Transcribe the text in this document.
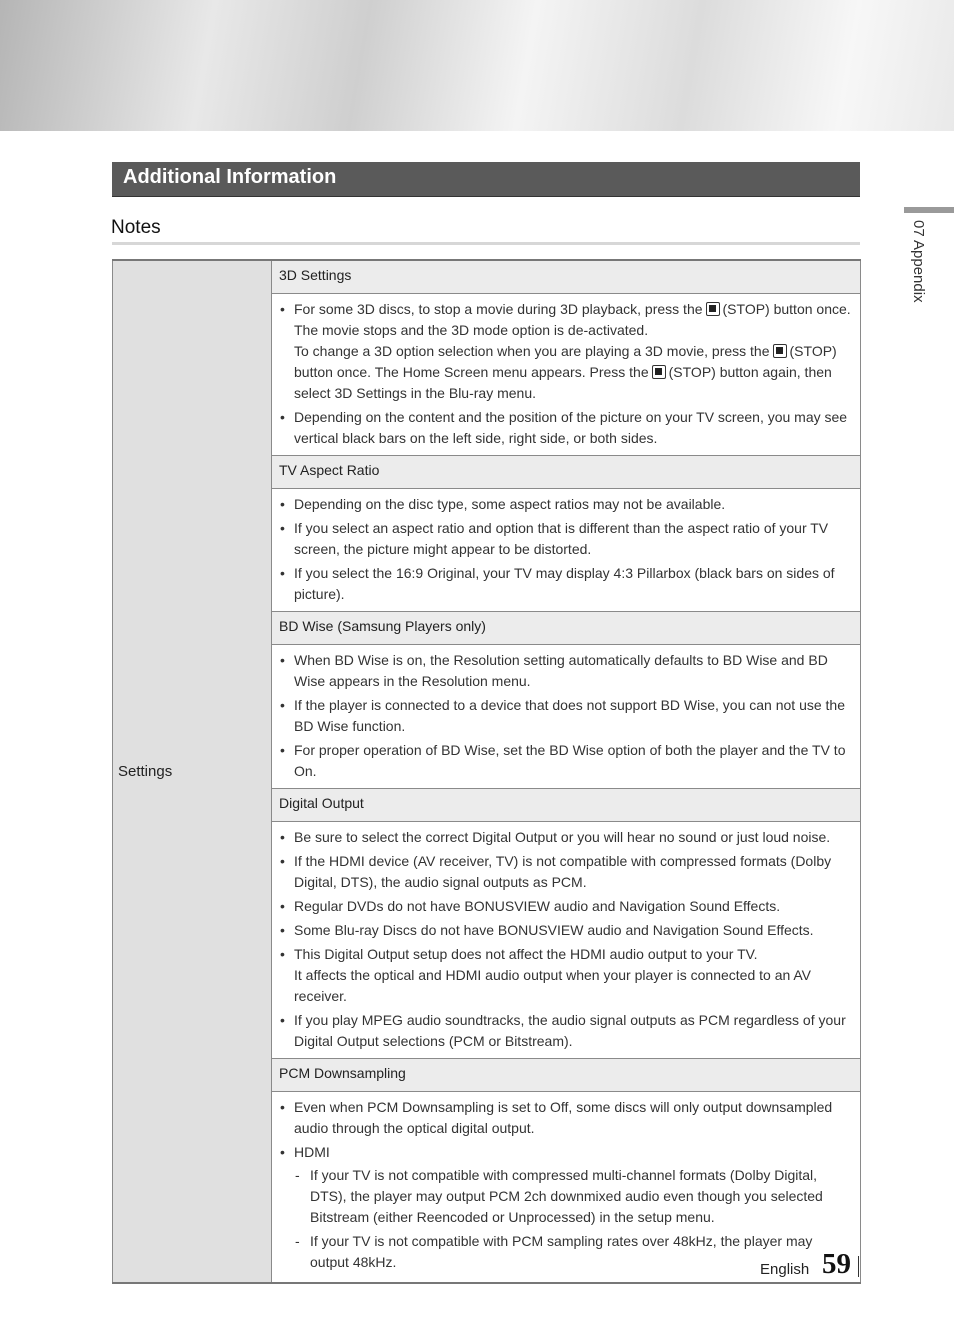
Additional Information
Notes	07 Appendix
Settings	3D Settings

• For some 3D discs, to stop a movie during 3D playback, press the (STOP) button once. The movie stops and the 3D mode option is de-activated.
To change a 3D option selection when you are playing a 3D movie, press the (STOP) button once. The Home Screen menu appears. Press the (STOP) button again, then select 3D Settings in the Blu-ray menu.
• Depending on the content and the position of the picture on your TV screen, you may see vertical black bars on the left side, right side, or both sides.

TV Aspect Ratio

• Depending on the disc type, some aspect ratios may not be available.
• If you select an aspect ratio and option that is different than the aspect ratio of your TV screen, the picture might appear to be distorted.
• If you select the 16:9 Original, your TV may display 4:3 Pillarbox (black bars on sides of picture).

BD Wise (Samsung Players only)

• When BD Wise is on, the Resolution setting automatically defaults to BD Wise and BD Wise appears in the Resolution menu.
• If the player is connected to a device that does not support BD Wise, you can not use the BD Wise function.
• For proper operation of BD Wise, set the BD Wise option of both the player and the TV to On.

Digital Output

• Be sure to select the correct Digital Output or you will hear no sound or just loud noise.
• If the HDMI device (AV receiver, TV) is not compatible with compressed formats (Dolby Digital, DTS), the audio signal outputs as PCM.
• Regular DVDs do not have BONUSVIEW audio and Navigation Sound Effects.
• Some Blu-ray Discs do not have BONUSVIEW audio and Navigation Sound Effects.
• This Digital Output setup does not affect the HDMI audio output to your TV.
It affects the optical and HDMI audio output when your player is connected to an AV receiver.
• If you play MPEG audio soundtracks, the audio signal outputs as PCM regardless of your Digital Output selections (PCM or Bitstream).

PCM Downsampling

• Even when PCM Downsampling is set to Off, some discs will only output downsampled audio through the optical digital output.
• HDMI
- If your TV is not compatible with compressed multi-channel formats (Dolby Digital, DTS), the player may output PCM 2ch downmixed audio even though you selected Bitstream (either Reencoded or Unprocessed) in the setup menu.
- If your TV is not compatible with PCM sampling rates over 48kHz, the player may output 48kHz.	English 59
